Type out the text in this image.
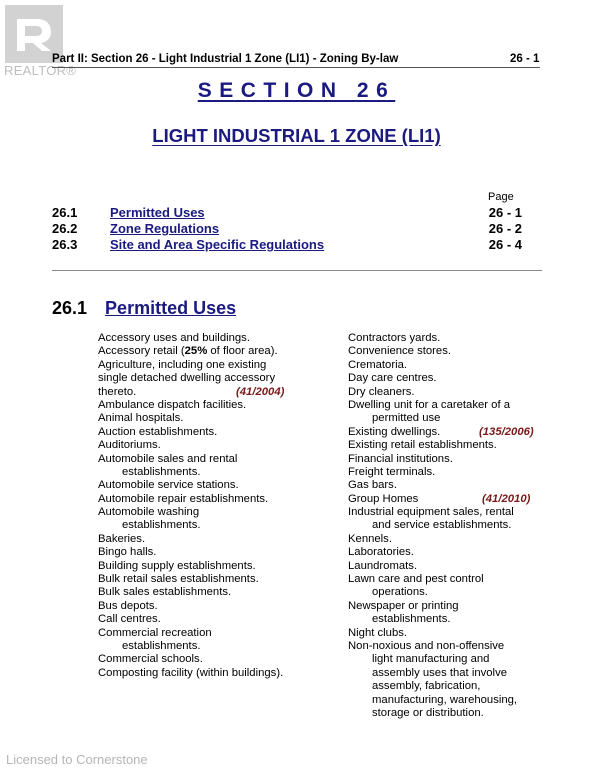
REALTOR®
Part II: Section 26 - Light Industrial 1 Zone (LI1) - Zoning By-law	26 - 1
SECTION 26
LIGHT INDUSTRIAL 1 ZONE (LI1)
Page
26.1	Permitted Uses	26 - 1
26.2	Zone Regulations	26 - 2
26.3	Site and Area Specific Regulations	26 - 4
26.1 Permitted Uses
Accessory uses and buildings.
Accessory retail (25% of floor area).
Agriculture, including one existing
single detached dwelling accessory
thereto.	(41/2004)
Ambulance dispatch facilities.
Animal hospitals.
Auction establishments.
Auditoriums.
Automobile sales and rental
establishments.
Automobile service stations.
Automobile repair establishments.
Automobile washing
establishments.
Bakeries.
Bingo halls.
Building supply establishments.
Bulk retail sales establishments.
Bulk sales establishments.
Bus depots.
Call centres.
Commercial recreation
establishments.
Commercial schools.
Composting facility (within buildings).
Contractors yards.
Convenience stores.
Crematoria.
Day care centres.
Dry cleaners.
Dwelling unit for a caretaker of a
permitted use
Existing dwellings.	(135/2006)
Existing retail establishments.
Financial institutions.
Freight terminals.
Gas bars.
Group Homes	(41/2010)
Industrial equipment sales, rental
and service establishments.
Kennels.
Laboratories.
Laundromats.
Lawn care and pest control
operations.
Newspaper or printing
establishments.
Night clubs.
Non-noxious and non-offensive
light manufacturing and
assembly uses that involve
assembly, fabrication,
manufacturing, warehousing,
storage or distribution.
Licensed to Cornerstone
